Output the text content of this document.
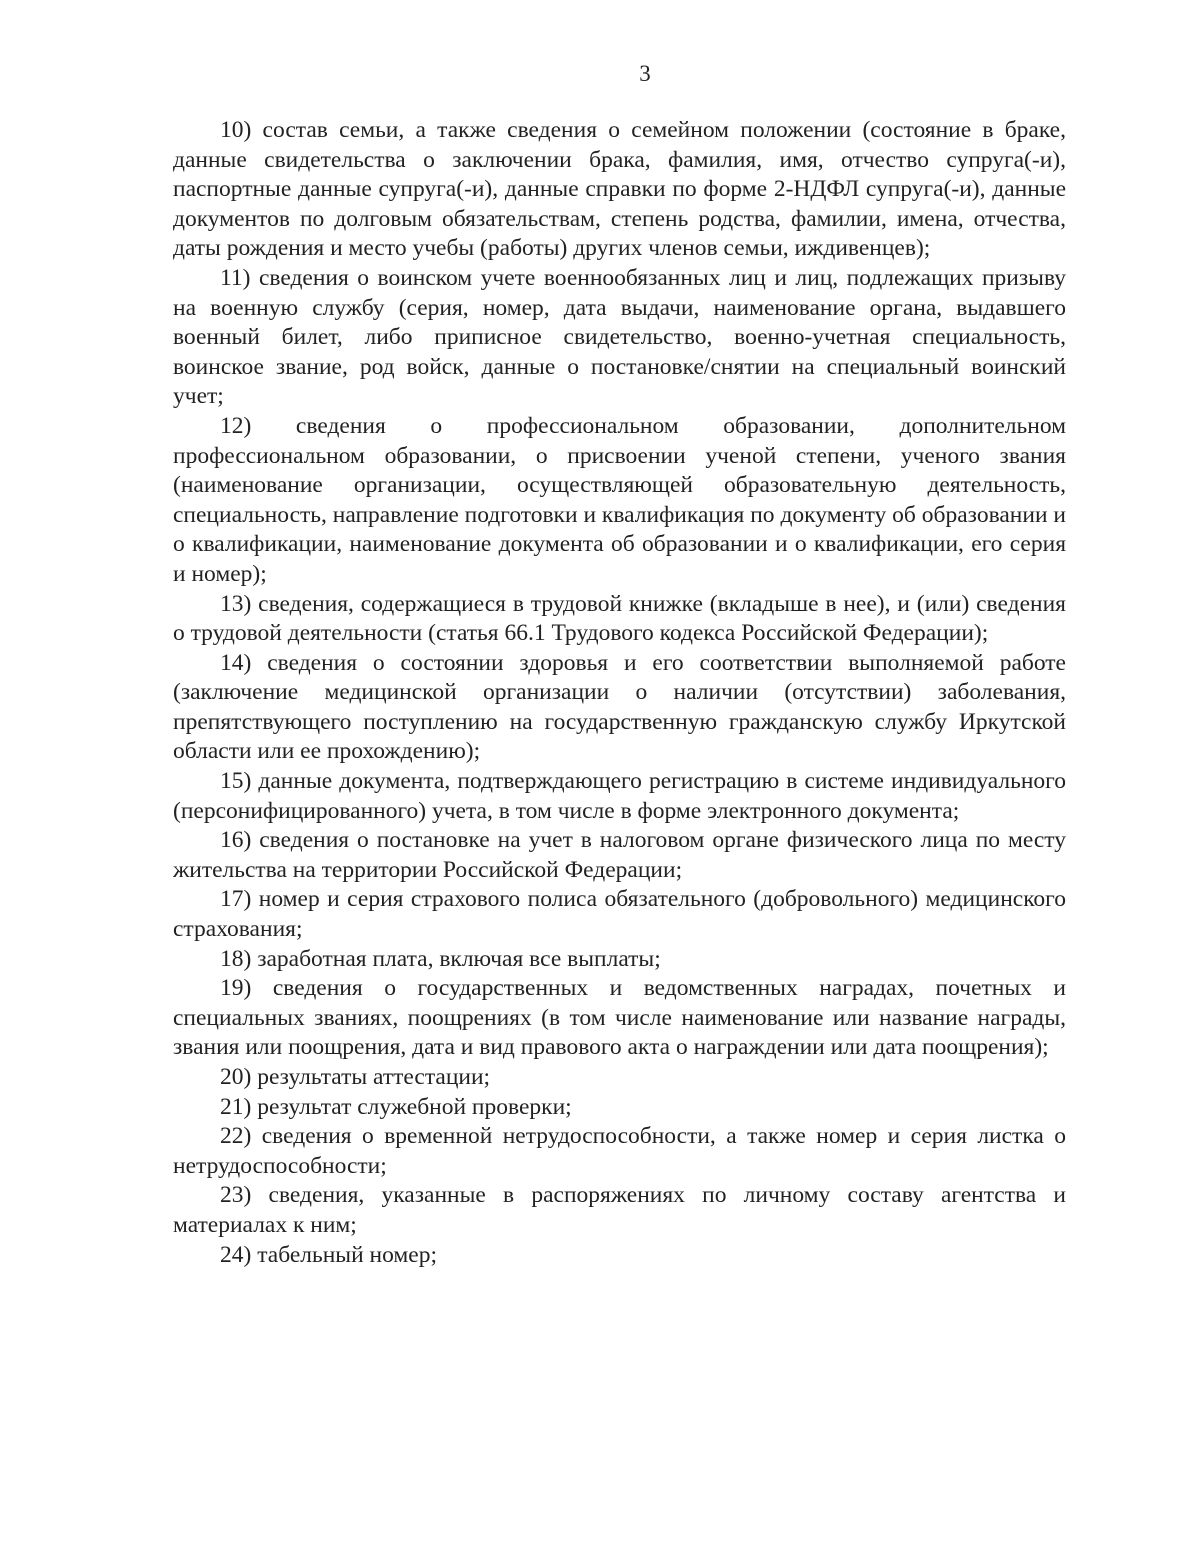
3

10) состав семьи, а также сведения о семейном положении (состояние в браке, данные свидетельства о заключении брака, фамилия, имя, отчество супруга(-и), паспортные данные супруга(-и), данные справки по форме 2-НДФЛ супруга(-и), данные документов по долговым обязательствам, степень родства, фамилии, имена, отчества, даты рождения и место учебы (работы) других членов семьи, иждивенцев);

11) сведения о воинском учете военнообязанных лиц и лиц, подлежащих призыву на военную службу (серия, номер, дата выдачи, наименование органа, выдавшего военный билет, либо приписное свидетельство, военно-учетная специальность, воинское звание, род войск, данные о постановке/снятии на специальный воинский учет;

12) сведения о профессиональном образовании, дополнительном профессиональном образовании, о присвоении ученой степени, ученого звания (наименование организации, осуществляющей образовательную деятельность, специальность, направление подготовки и квалификация по документу об образовании и о квалификации, наименование документа об образовании и о квалификации, его серия и номер);

13) сведения, содержащиеся в трудовой книжке (вкладыше в нее), и (или) сведения о трудовой деятельности (статья 66.1 Трудового кодекса Российской Федерации);

14) сведения о состоянии здоровья и его соответствии выполняемой работе (заключение медицинской организации о наличии (отсутствии) заболевания, препятствующего поступлению на государственную гражданскую службу Иркутской области или ее прохождению);

15) данные документа, подтверждающего регистрацию в системе индивидуального (персонифицированного) учета, в том числе в форме электронного документа;

16) сведения о постановке на учет в налоговом органе физического лица по месту жительства на территории Российской Федерации;

17) номер и серия страхового полиса обязательного (добровольного) медицинского страхования;

18) заработная плата, включая все выплаты;

19) сведения о государственных и ведомственных наградах, почетных и специальных званиях, поощрениях (в том числе наименование или название награды, звания или поощрения, дата и вид правового акта о награждении или дата поощрения);

20) результаты аттестации;

21) результат служебной проверки;

22) сведения о временной нетрудоспособности, а также номер и серия листка о нетрудоспособности;

23) сведения, указанные в распоряжениях по личному составу агентства и материалах к ним;

24) табельный номер;
